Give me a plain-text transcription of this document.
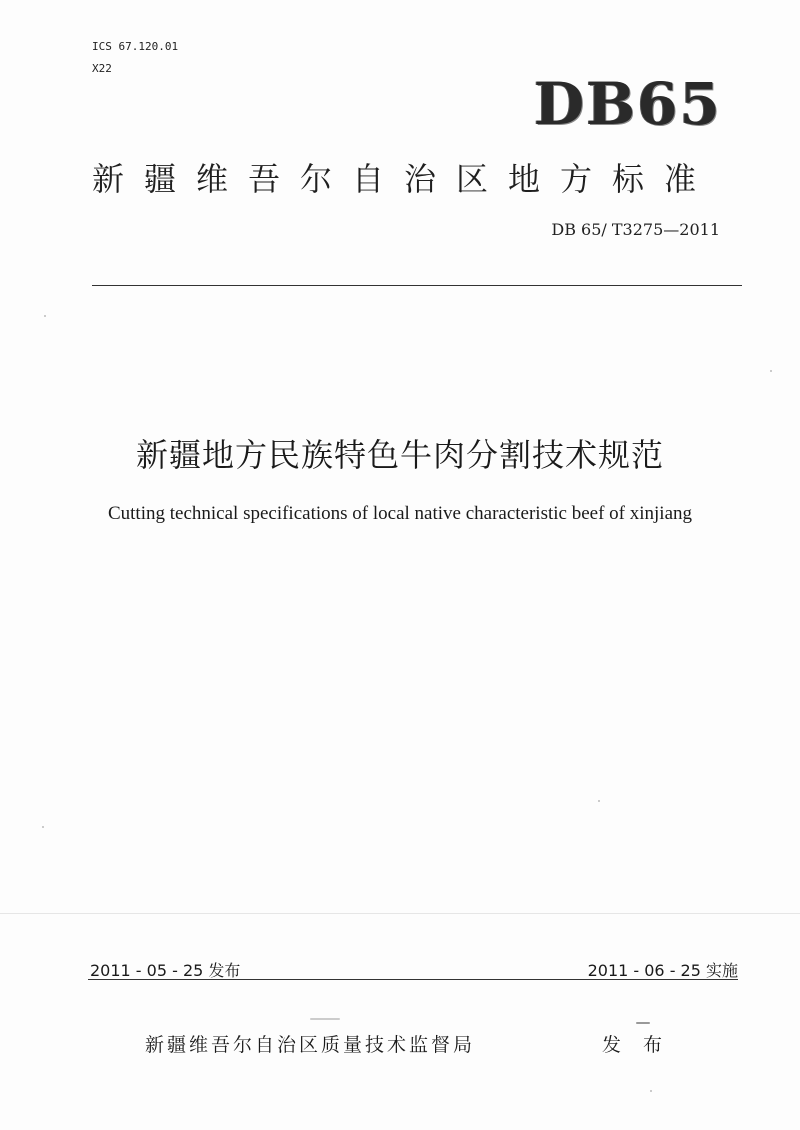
ICS 67.120.01
X22
DB65
新疆维吾尔自治区地方标准
DB 65/ T3275—2011
新疆地方民族特色牛肉分割技术规范
Cutting technical specifications of local native characteristic beef of xinjiang
2011 - 05 - 25 发布	2011 - 06 - 25 实施
新疆维吾尔自治区质量技术监督局	发 布
